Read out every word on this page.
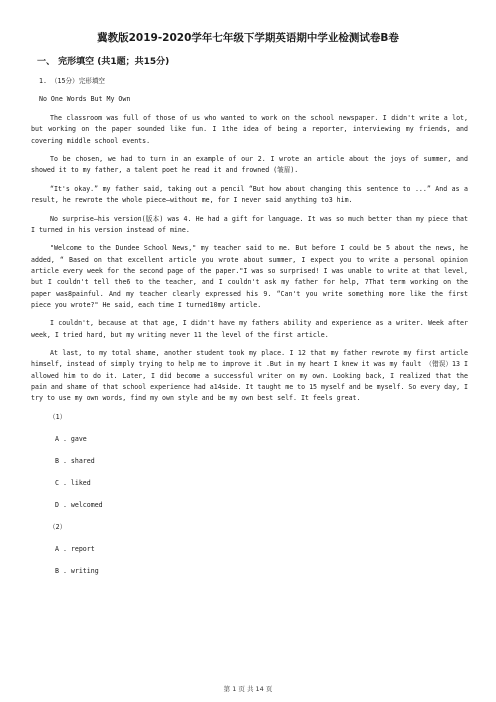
冀教版2019-2020学年七年级下学期英语期中学业检测试卷B卷
一、 完形填空 (共1题；共15分)

1. （15分）完形填空

No One Words But My Own

The classroom was full of those of us who wanted to work on the school newspaper. I didn't write a lot, but working on the paper sounded like fun. I 1the idea of being a reporter, interviewing my friends, and covering middle school events.

To be chosen, we had to turn in an example of our 2. I wrote an article about the joys of summer, and showed it to my father, a talent poet he read it and frowned (皱眉).

“It's okay.” my father said, taking out a pencil “But how about changing this sentence to ...” And as a result, he rewrote the whole piece—without me, for I never said anything to3 him.

No surprise—his version(版本) was 4. He had a gift for language. It was so much better than my piece that I turned in his version instead of mine.

"Welcome to the Dundee School News," my teacher said to me. But before I could be 5 about the news, he added, “ Based on that excellent article you wrote about summer, I expect you to write a personal opinion article every week for the second page of the paper."I was so surprised! I was unable to write at that level, but I couldn't tell the6 to the teacher, and I couldn't ask my father for help, 7That term working on the paper was8painful. And my teacher clearly expressed his 9. “Can't you write something more like the first piece you wrote?" He said, each time I turned10my article.

I couldn't, because at that age, I didn't have my fathers ability and experience as a writer. Week after week, I tried hard, but my writing never 11 the level of the first article.

At last, to my total shame, another student took my place. I 12 that my father rewrote my first article himself, instead of simply trying to help me to improve it .But in my heart I knew it was my fault （错误）13 I allowed him to do it. Later, I did become a successful writer on my own. Looking back, I realized that the pain and shame of that school experience had a14side. It taught me to 15 myself and be myself. So every day, I try to use my own words, find my own style and be my own best self. It feels great.

（1）
A . gave
B . shared
C . liked
D . welcomed
（2）
A . report
B . writing
第 1 页 共 14 页
